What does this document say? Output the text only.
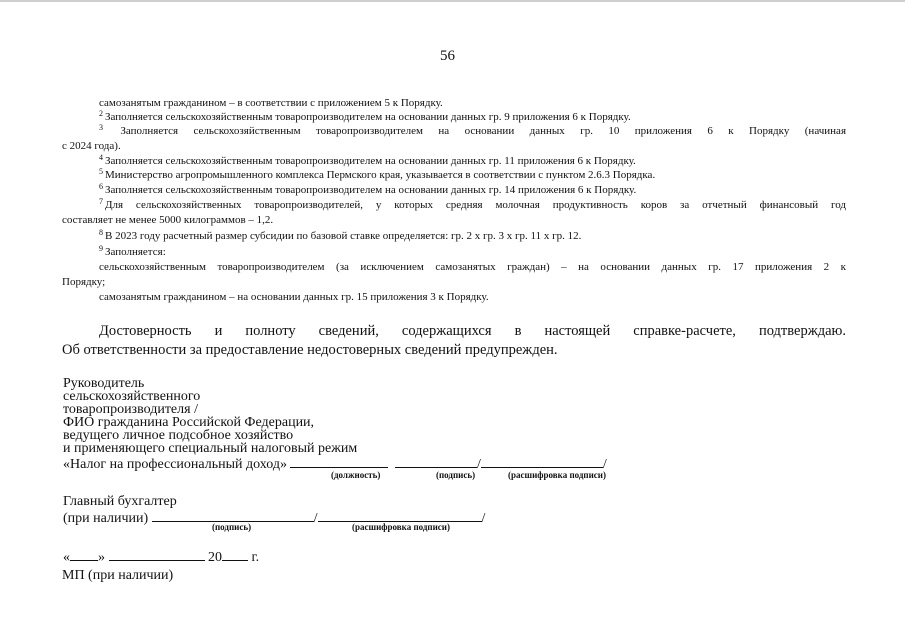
56
самозанятым гражданином – в соответствии с приложением 5 к Порядку.
$^2$ Заполняется сельскохозяйственным товаропроизводителем на основании данных гр. 9 приложения 6 к Порядку.
$^3$ Заполняется сельскохозяйственным товаропроизводителем на основании данных гр. 10 приложения 6 к Порядку (начиная
с 2024 года).
$^4$ Заполняется сельскохозяйственным товаропроизводителем на основании данных гр. 11 приложения 6 к Порядку.
$^5$ Министерство агропромышленного комплекса Пермского края, указывается в соответствии с пунктом 2.6.3 Порядка.
$^6$ Заполняется сельскохозяйственным товаропроизводителем на основании данных гр. 14 приложения 6 к Порядку.
$^7$ Для сельскохозяйственных товаропроизводителей, у которых средняя молочная продуктивность коров за отчетный финансовый год
составляет не менее 5000 килограммов – 1,2.
$^8$ В 2023 году расчетный размер субсидии по базовой ставке определяется: гр. 2 х гр. 3 х гр. 11 х гр. 12.
$^9$ Заполняется:
сельскохозяйственным товаропроизводителем (за исключением самозанятых граждан) – на основании данных гр. 17 приложения 2 к
Порядку;
самозанятым гражданином – на основании данных гр. 15 приложения 3 к Порядку.
Достоверность и полноту сведений, содержащихся в настоящей справке-расчете, подтверждаю.
Об ответственности за предоставление недостоверных сведений предупрежден.
Руководитель
сельскохозяйственного
товаропроизводителя /
ФИО гражданина Российской Федерации,
ведущего личное подсобное хозяйство
и применяющего специальный налоговый режим
«Налог на профессиональный доход»	/	/
(должность)	(подпись)	(расшифровка подписи)
Главный бухгалтер
(при наличии)	/	/
(подпись)	(расшифровка подписи)
« »	20 г.
МП (при наличии)
